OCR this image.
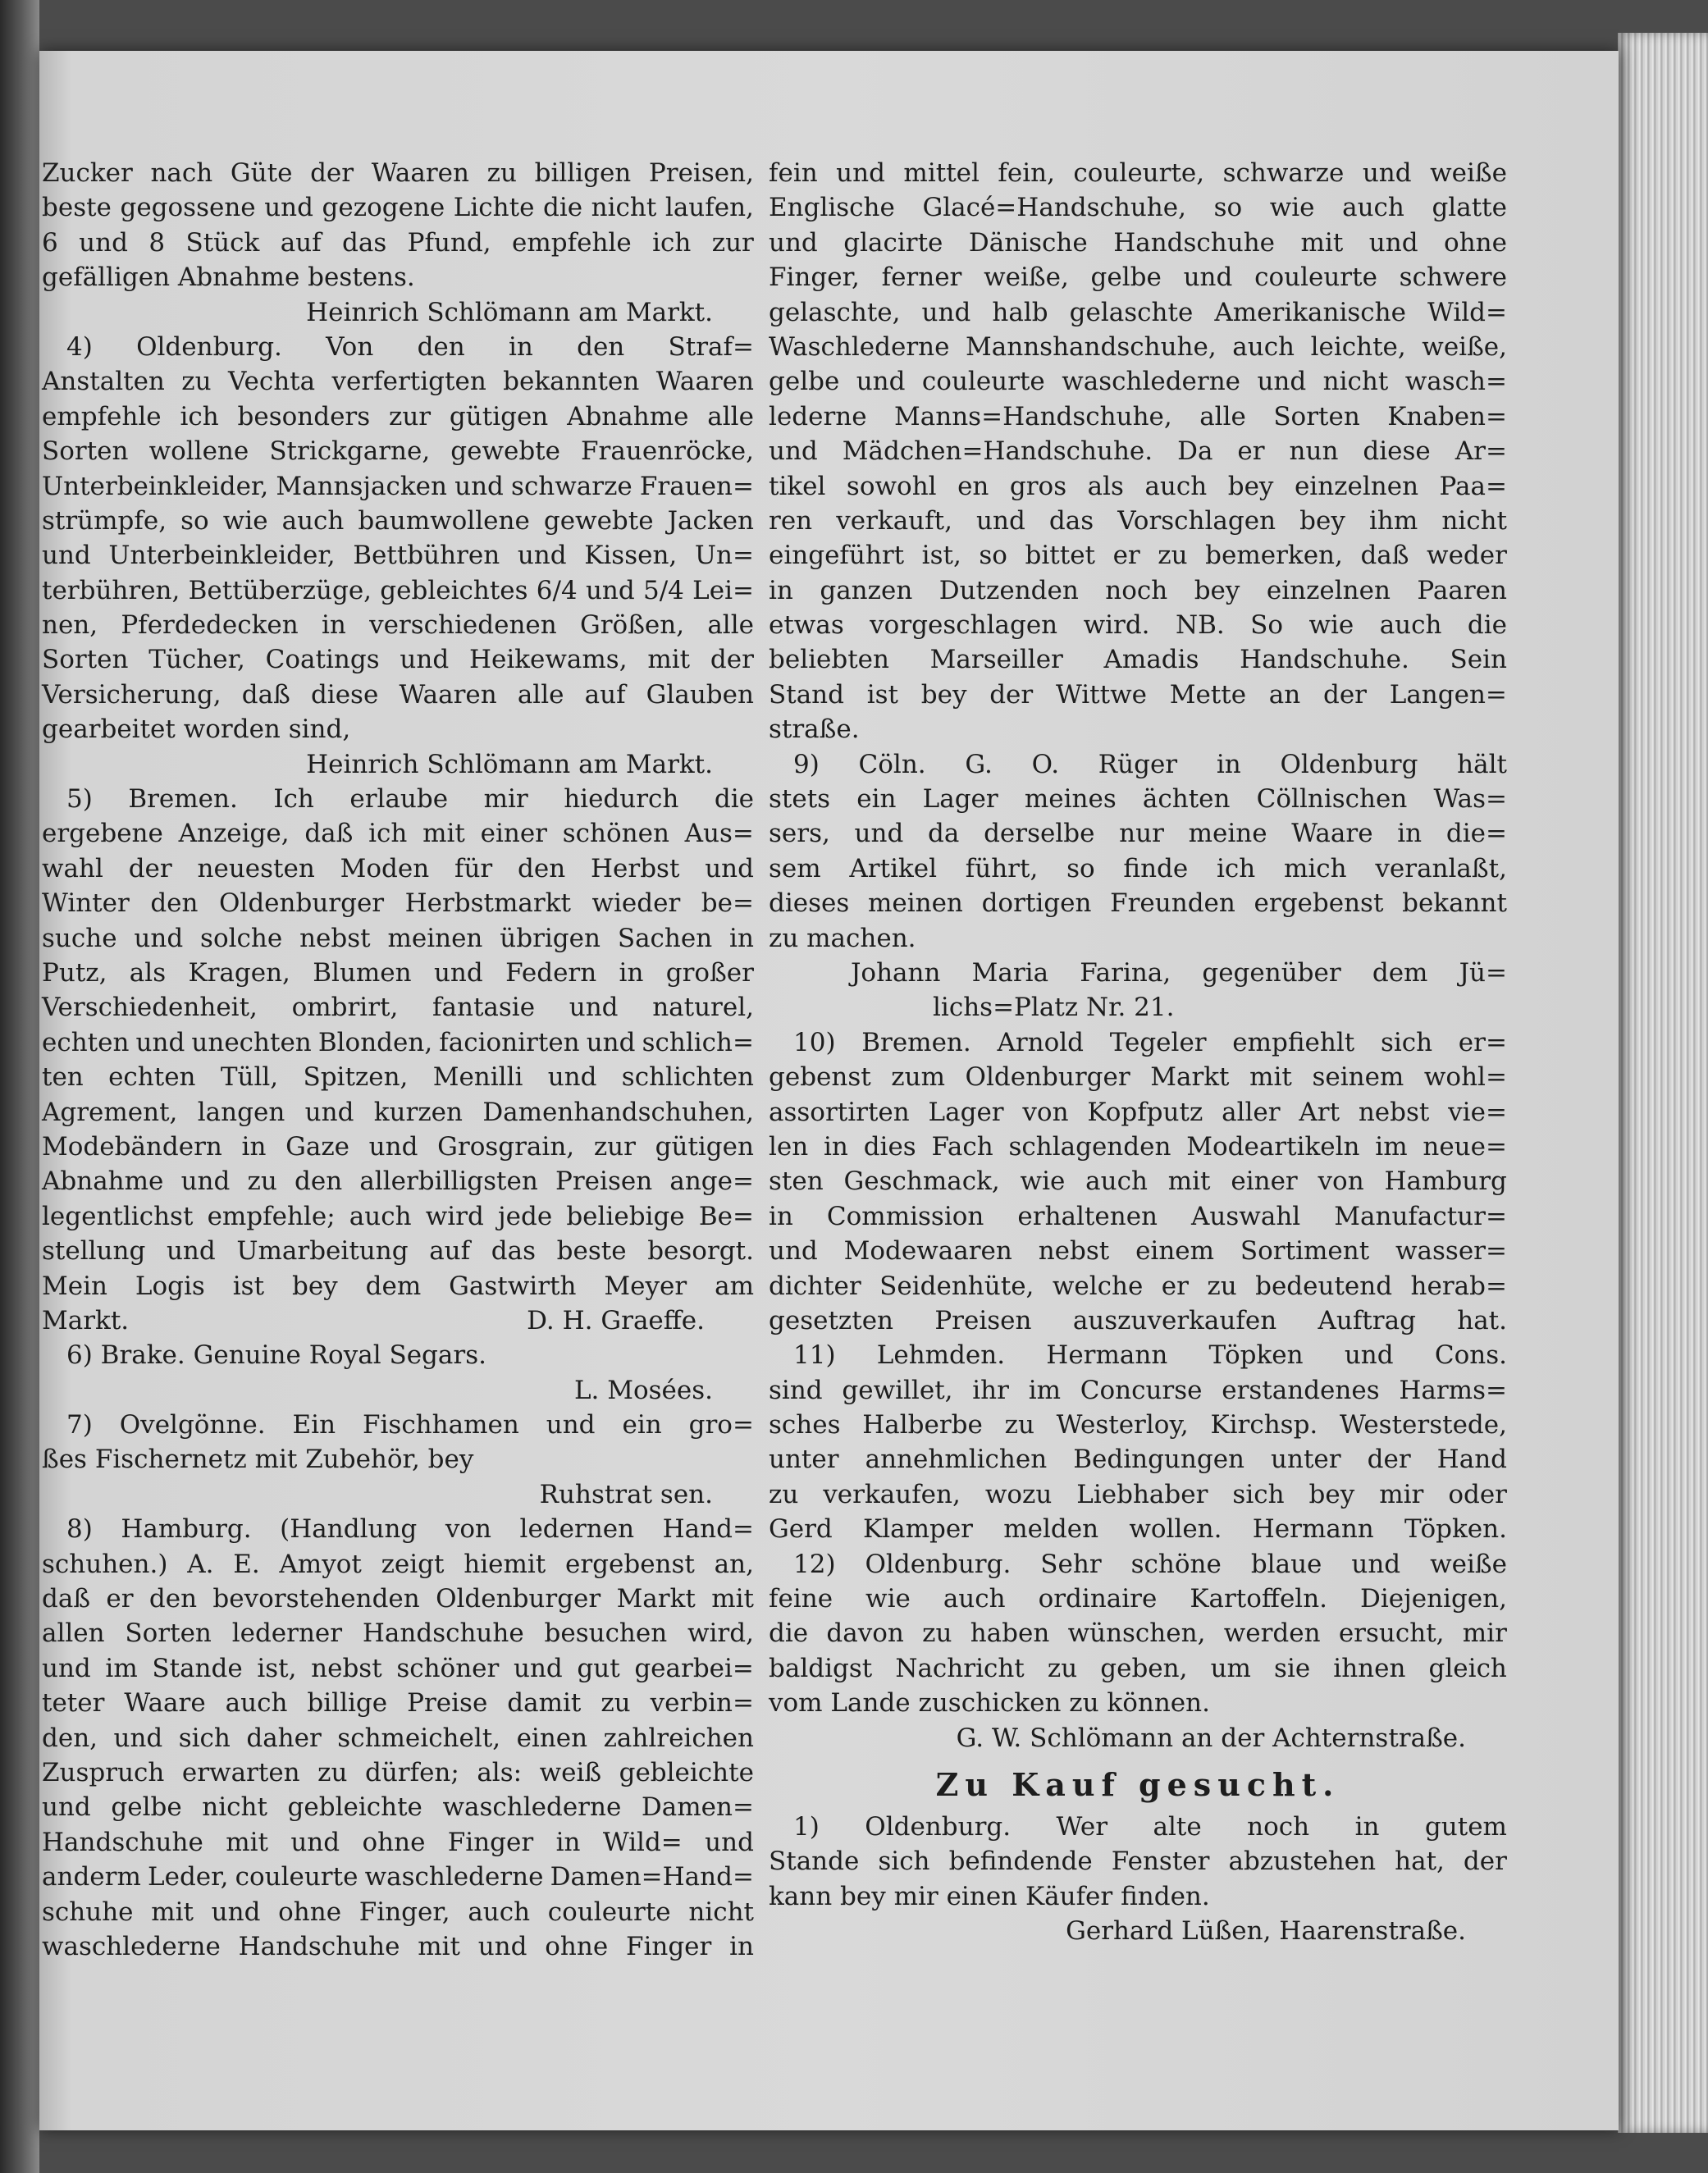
Zucker nach Güte der Waaren zu billigen Preisen,
beste gegossene und gezogene Lichte die nicht laufen,
6 und 8 Stück auf das Pfund, empfehle ich zur
gefälligen Abnahme bestens.
Heinrich Schlömann am Markt.
4) Oldenburg. Von den in den Straf=
Anstalten zu Vechta verfertigten bekannten Waaren
empfehle ich besonders zur gütigen Abnahme alle
Sorten wollene Strickgarne, gewebte Frauenröcke,
Unterbeinkleider, Mannsjacken und schwarze Frauen=
strümpfe, so wie auch baumwollene gewebte Jacken
und Unterbeinkleider, Bettbühren und Kissen, Un=
terbühren, Bettüberzüge, gebleichtes 6/4 und 5/4 Lei=
nen, Pferdedecken in verschiedenen Größen, alle
Sorten Tücher, Coatings und Heikewams, mit der
Versicherung, daß diese Waaren alle auf Glauben
gearbeitet worden sind,
Heinrich Schlömann am Markt.
5) Bremen. Ich erlaube mir hiedurch die
ergebene Anzeige, daß ich mit einer schönen Aus=
wahl der neuesten Moden für den Herbst und
Winter den Oldenburger Herbstmarkt wieder be=
suche und solche nebst meinen übrigen Sachen in
Putz, als Kragen, Blumen und Federn in großer
Verschiedenheit, ombrirt, fantasie und naturel,
echten und unechten Blonden, facionirten und schlich=
ten echten Tüll, Spitzen, Menilli und schlichten
Agrement, langen und kurzen Damenhandschuhen,
Modebändern in Gaze und Grosgrain, zur gütigen
Abnahme und zu den allerbilligsten Preisen ange=
legentlichst empfehle; auch wird jede beliebige Be=
stellung und Umarbeitung auf das beste besorgt.
Mein Logis ist bey dem Gastwirth Meyer am
Markt.	D. H. Graeffe.
6) Brake. Genuine Royal Segars.
L. Mosées.
7) Ovelgönne. Ein Fischhamen und ein gro=
ßes Fischernetz mit Zubehör, bey
Ruhstrat sen.
8) Hamburg. (Handlung von ledernen Hand=
schuhen.) A. E. Amyot zeigt hiemit ergebenst an,
daß er den bevorstehenden Oldenburger Markt mit
allen Sorten lederner Handschuhe besuchen wird,
und im Stande ist, nebst schöner und gut gearbei=
teter Waare auch billige Preise damit zu verbin=
den, und sich daher schmeichelt, einen zahlreichen
Zuspruch erwarten zu dürfen; als: weiß gebleichte
und gelbe nicht gebleichte waschlederne Damen=
Handschuhe mit und ohne Finger in Wild= und
anderm Leder, couleurte waschlederne Damen=Hand=
schuhe mit und ohne Finger, auch couleurte nicht
waschlederne Handschuhe mit und ohne Finger in
fein und mittel fein, couleurte, schwarze und weiße
Englische Glacé=Handschuhe, so wie auch glatte
und glacirte Dänische Handschuhe mit und ohne
Finger, ferner weiße, gelbe und couleurte schwere
gelaschte, und halb gelaschte Amerikanische Wild=
Waschlederne Mannshandschuhe, auch leichte, weiße,
gelbe und couleurte waschlederne und nicht wasch=
lederne Manns=Handschuhe, alle Sorten Knaben=
und Mädchen=Handschuhe. Da er nun diese Ar=
tikel sowohl en gros als auch bey einzelnen Paa=
ren verkauft, und das Vorschlagen bey ihm nicht
eingeführt ist, so bittet er zu bemerken, daß weder
in ganzen Dutzenden noch bey einzelnen Paaren
etwas vorgeschlagen wird. NB. So wie auch die
beliebten Marseiller Amadis Handschuhe. Sein
Stand ist bey der Wittwe Mette an der Langen=
straße.
9) Cöln. G. O. Rüger in Oldenburg hält
stets ein Lager meines ächten Cöllnischen Was=
sers, und da derselbe nur meine Waare in die=
sem Artikel führt, so finde ich mich veranlaßt,
dieses meinen dortigen Freunden ergebenst bekannt
zu machen.
Johann Maria Farina, gegenüber dem Jü=
lichs=Platz Nr. 21.
10) Bremen. Arnold Tegeler empfiehlt sich er=
gebenst zum Oldenburger Markt mit seinem wohl=
assortirten Lager von Kopfputz aller Art nebst vie=
len in dies Fach schlagenden Modeartikeln im neue=
sten Geschmack, wie auch mit einer von Hamburg
in Commission erhaltenen Auswahl Manufactur=
und Modewaaren nebst einem Sortiment wasser=
dichter Seidenhüte, welche er zu bedeutend herab=
gesetzten Preisen auszuverkaufen Auftrag hat.
11) Lehmden. Hermann Töpken und Cons.
sind gewillet, ihr im Concurse erstandenes Harms=
sches Halberbe zu Westerloy, Kirchsp. Westerstede,
unter annehmlichen Bedingungen unter der Hand
zu verkaufen, wozu Liebhaber sich bey mir oder
Gerd Klamper melden wollen. Hermann Töpken.
12) Oldenburg. Sehr schöne blaue und weiße
feine wie auch ordinaire Kartoffeln. Diejenigen,
die davon zu haben wünschen, werden ersucht, mir
baldigst Nachricht zu geben, um sie ihnen gleich
vom Lande zuschicken zu können.
G. W. Schlömann an der Achternstraße.
Zu Kauf gesucht.
1) Oldenburg. Wer alte noch in gutem
Stande sich befindende Fenster abzustehen hat, der
kann bey mir einen Käufer finden.
Gerhard Lüßen, Haarenstraße.
